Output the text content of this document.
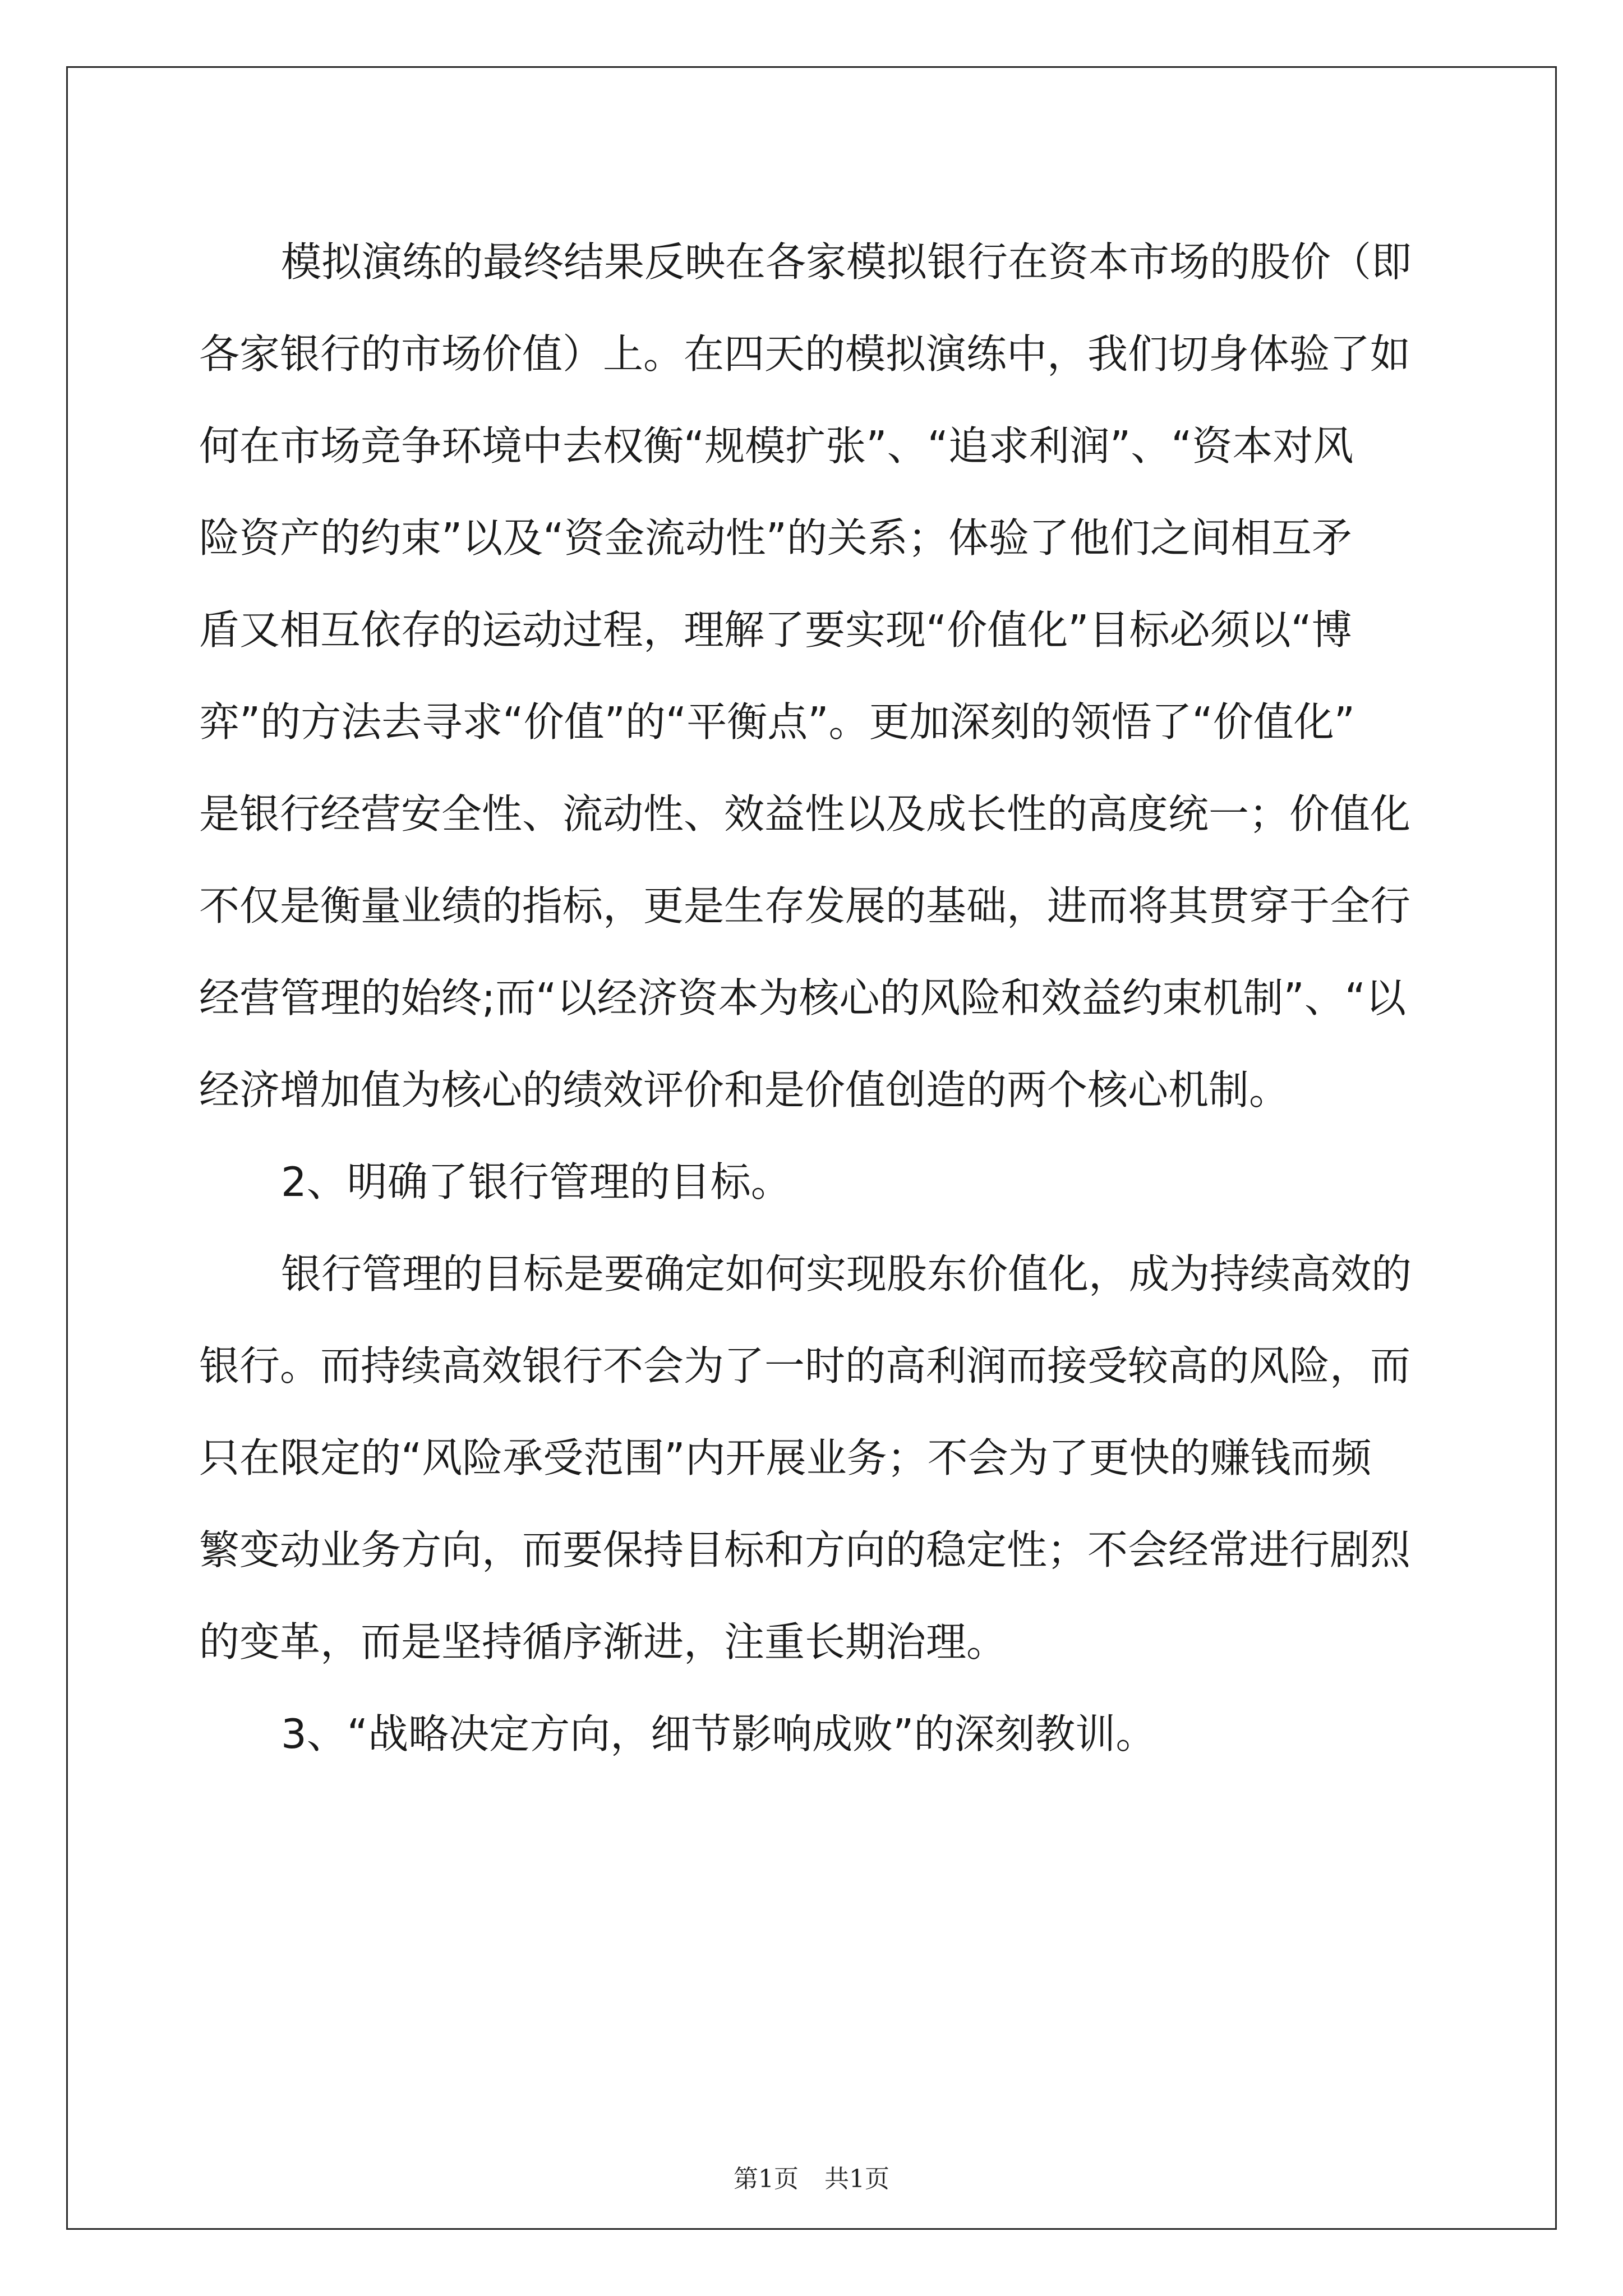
模拟演练的最终结果反映在各家模拟银行在资本市场的股价（即
各家银行的市场价值）上。在四天的模拟演练中，我们切身体验了如
何在市场竞争环境中去权衡“规模扩张”、“追求利润”、“资本对风
险资产的约束”以及“资金流动性”的关系；体验了他们之间相互矛
盾又相互依存的运动过程，理解了要实现“价值化”目标必须以“博
弈”的方法去寻求“价值”的“平衡点”。更加深刻的领悟了“价值化”
是银行经营安全性、流动性、效益性以及成长性的高度统一；价值化
不仅是衡量业绩的指标，更是生存发展的基础，进而将其贯穿于全行
经营管理的始终;而“以经济资本为核心的风险和效益约束机制”、“以
经济增加值为核心的绩效评价和是价值创造的两个核心机制。
2、明确了银行管理的目标。
银行管理的目标是要确定如何实现股东价值化，成为持续高效的
银行。而持续高效银行不会为了一时的高利润而接受较高的风险，而
只在限定的“风险承受范围”内开展业务；不会为了更快的赚钱而频
繁变动业务方向，而要保持目标和方向的稳定性；不会经常进行剧烈
的变革，而是坚持循序渐进，注重长期治理。
3、“战略决定方向，细节影响成败”的深刻教训。
第1页 共1页
